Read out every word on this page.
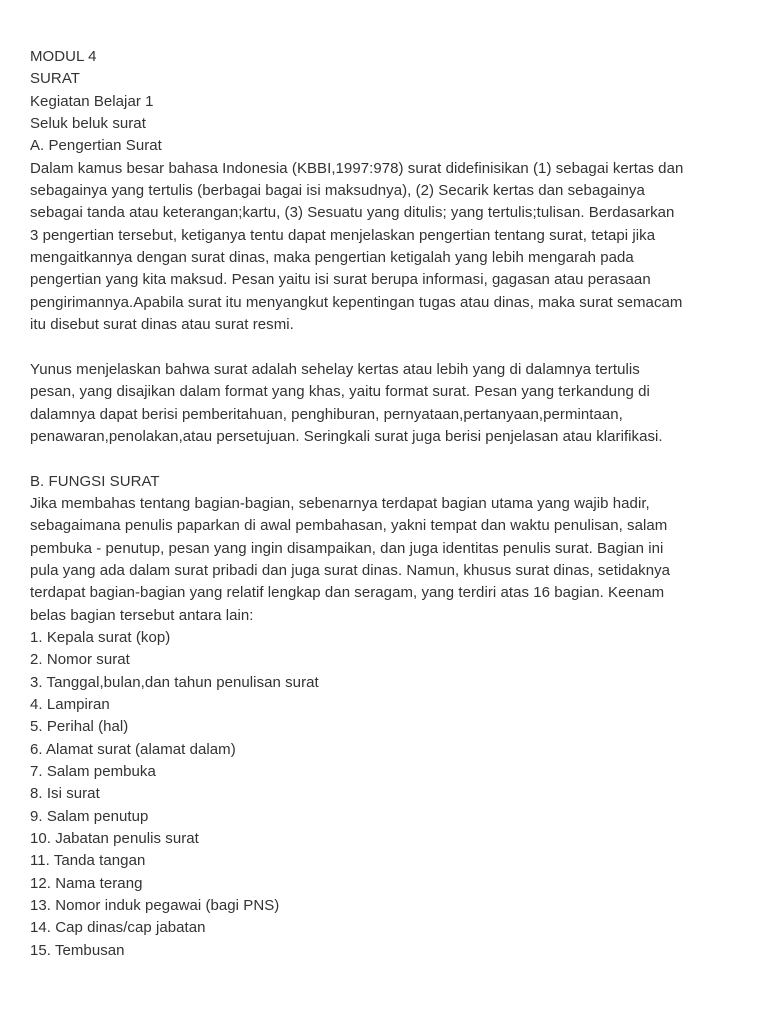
MODUL 4

SURAT

Kegiatan Belajar 1

Seluk beluk surat

A. Pengertian Surat

Dalam kamus besar bahasa Indonesia (KBBI,1997:978) surat didefinisikan (1) sebagai kertas dan

sebagainya yang tertulis (berbagai bagai isi maksudnya), (2) Secarik kertas dan sebagainya

sebagai tanda atau keterangan;kartu, (3) Sesuatu yang ditulis; yang tertulis;tulisan. Berdasarkan

3 pengertian tersebut, ketiganya tentu dapat menjelaskan pengertian tentang surat, tetapi jika

mengaitkannya dengan surat dinas, maka pengertian ketigalah yang lebih mengarah pada

pengertian yang kita maksud. Pesan yaitu isi surat berupa informasi, gagasan atau perasaan

pengirimannya.Apabila surat itu menyangkut kepentingan tugas atau dinas, maka surat semacam

itu disebut surat dinas atau surat resmi.

Yunus menjelaskan bahwa surat adalah sehelay kertas atau lebih yang di dalamnya tertulis

pesan, yang disajikan dalam format yang khas, yaitu format surat. Pesan yang terkandung di

dalamnya dapat berisi pemberitahuan, penghiburan, pernyataan,pertanyaan,permintaan,

penawaran,penolakan,atau persetujuan. Seringkali surat juga berisi penjelasan atau klarifikasi.

B. FUNGSI SURAT

Jika membahas tentang bagian-bagian, sebenarnya terdapat bagian utama yang wajib hadir,

sebagaimana penulis paparkan di awal pembahasan, yakni tempat dan waktu penulisan, salam

pembuka - penutup, pesan yang ingin disampaikan, dan juga identitas penulis surat. Bagian ini

pula yang ada dalam surat pribadi dan juga surat dinas. Namun, khusus surat dinas, setidaknya

terdapat bagian-bagian yang relatif lengkap dan seragam, yang terdiri atas 16 bagian. Keenam

belas bagian tersebut antara lain:

1. Kepala surat (kop)

2. Nomor surat

3. Tanggal,bulan,dan tahun penulisan surat

4. Lampiran

5. Perihal (hal)

6. Alamat surat (alamat dalam)

7. Salam pembuka

8. Isi surat

9. Salam penutup

10. Jabatan penulis surat

11. Tanda tangan

12. Nama terang

13. Nomor induk pegawai (bagi PNS)

14. Cap dinas/cap jabatan

15. Tembusan
